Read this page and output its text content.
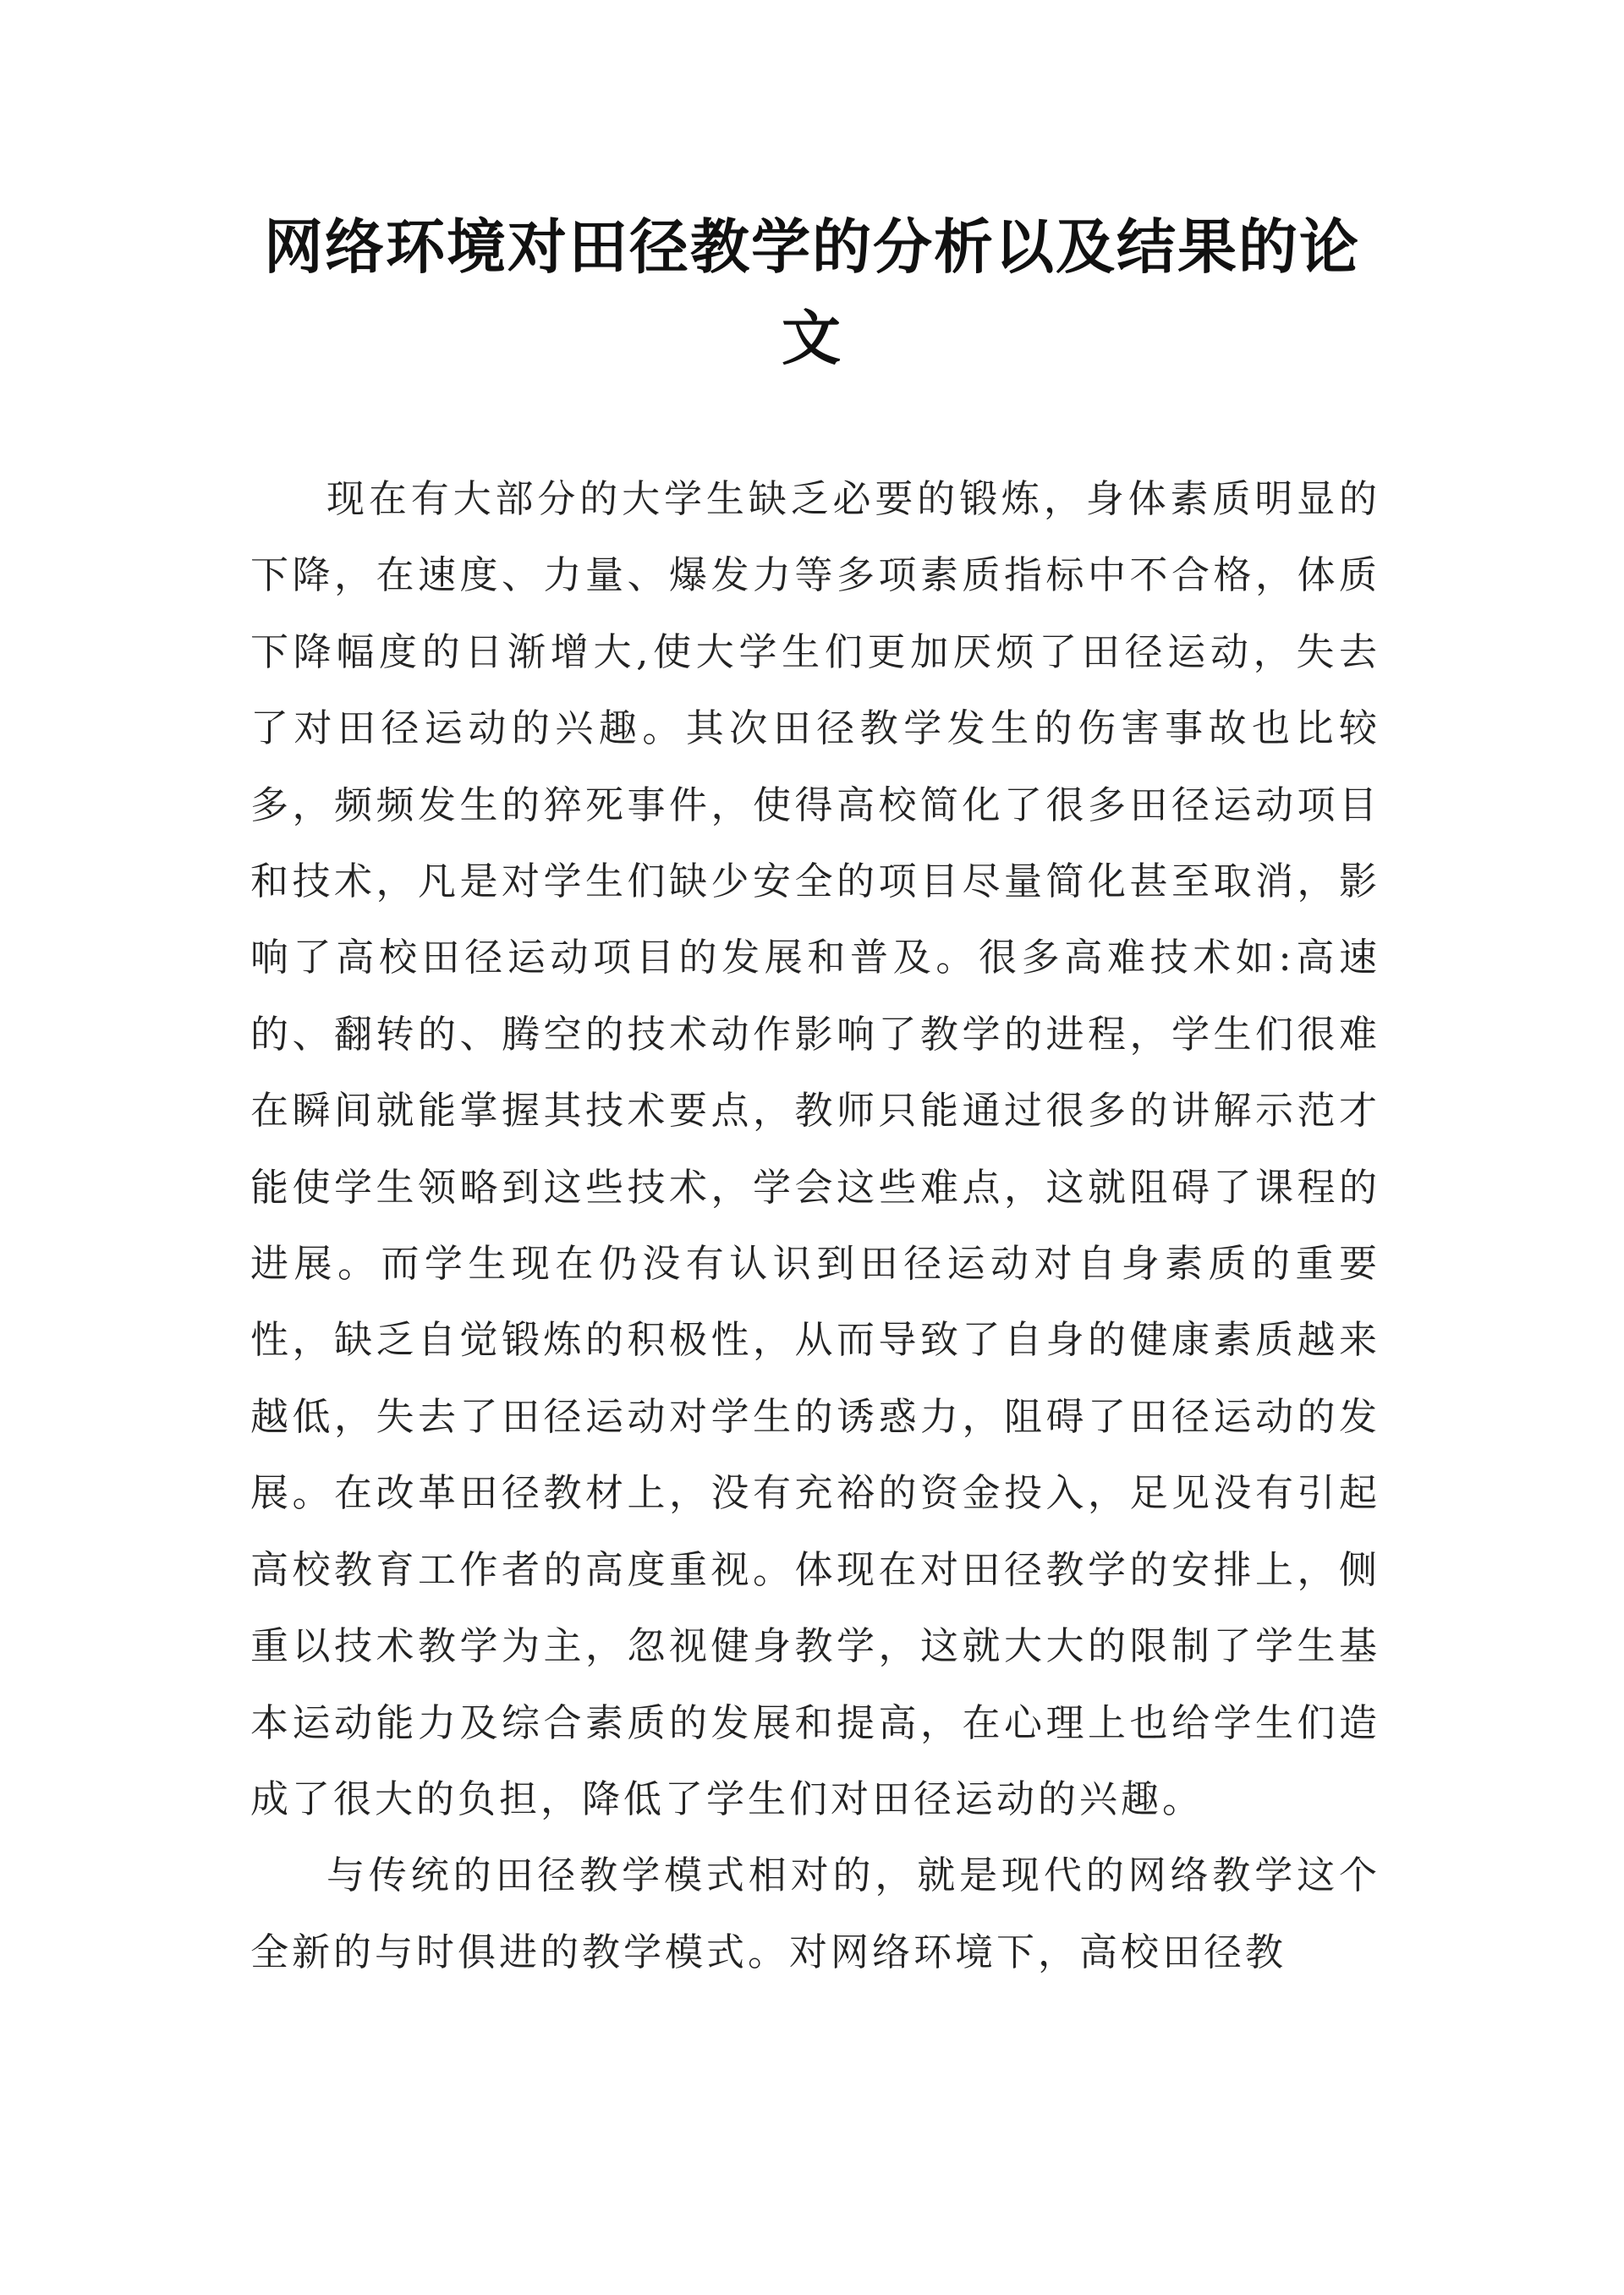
网络环境对田径教学的分析以及结果的论
文

现在有大部分的大学生缺乏必要的锻炼，身体素质明显的下降，在速度、力量、爆发力等多项素质指标中不合格，体质下降幅度的日渐增大,使大学生们更加厌烦了田径运动，失去了对田径运动的兴趣。其次田径教学发生的伤害事故也比较多，频频发生的猝死事件，使得高校简化了很多田径运动项目和技术，凡是对学生们缺少安全的项目尽量简化甚至取消，影响了高校田径运动项目的发展和普及。很多高难技术如:高速的、翻转的、腾空的技术动作影响了教学的进程，学生们很难在瞬间就能掌握其技术要点，教师只能通过很多的讲解示范才能使学生领略到这些技术，学会这些难点，这就阻碍了课程的进展。而学生现在仍没有认识到田径运动对自身素质的重要性，缺乏自觉锻炼的积极性，从而导致了自身的健康素质越来越低，失去了田径运动对学生的诱惑力，阻碍了田径运动的发展。在改革田径教材上，没有充裕的资金投入，足见没有引起高校教育工作者的高度重视。体现在对田径教学的安排上，侧重以技术教学为主，忽视健身教学，这就大大的限制了学生基本运动能力及综合素质的发展和提高，在心理上也给学生们造成了很大的负担，降低了学生们对田径运动的兴趣。

与传统的田径教学模式相对的，就是现代的网络教学这个全新的与时俱进的教学模式。对网络环境下，高校田径教
